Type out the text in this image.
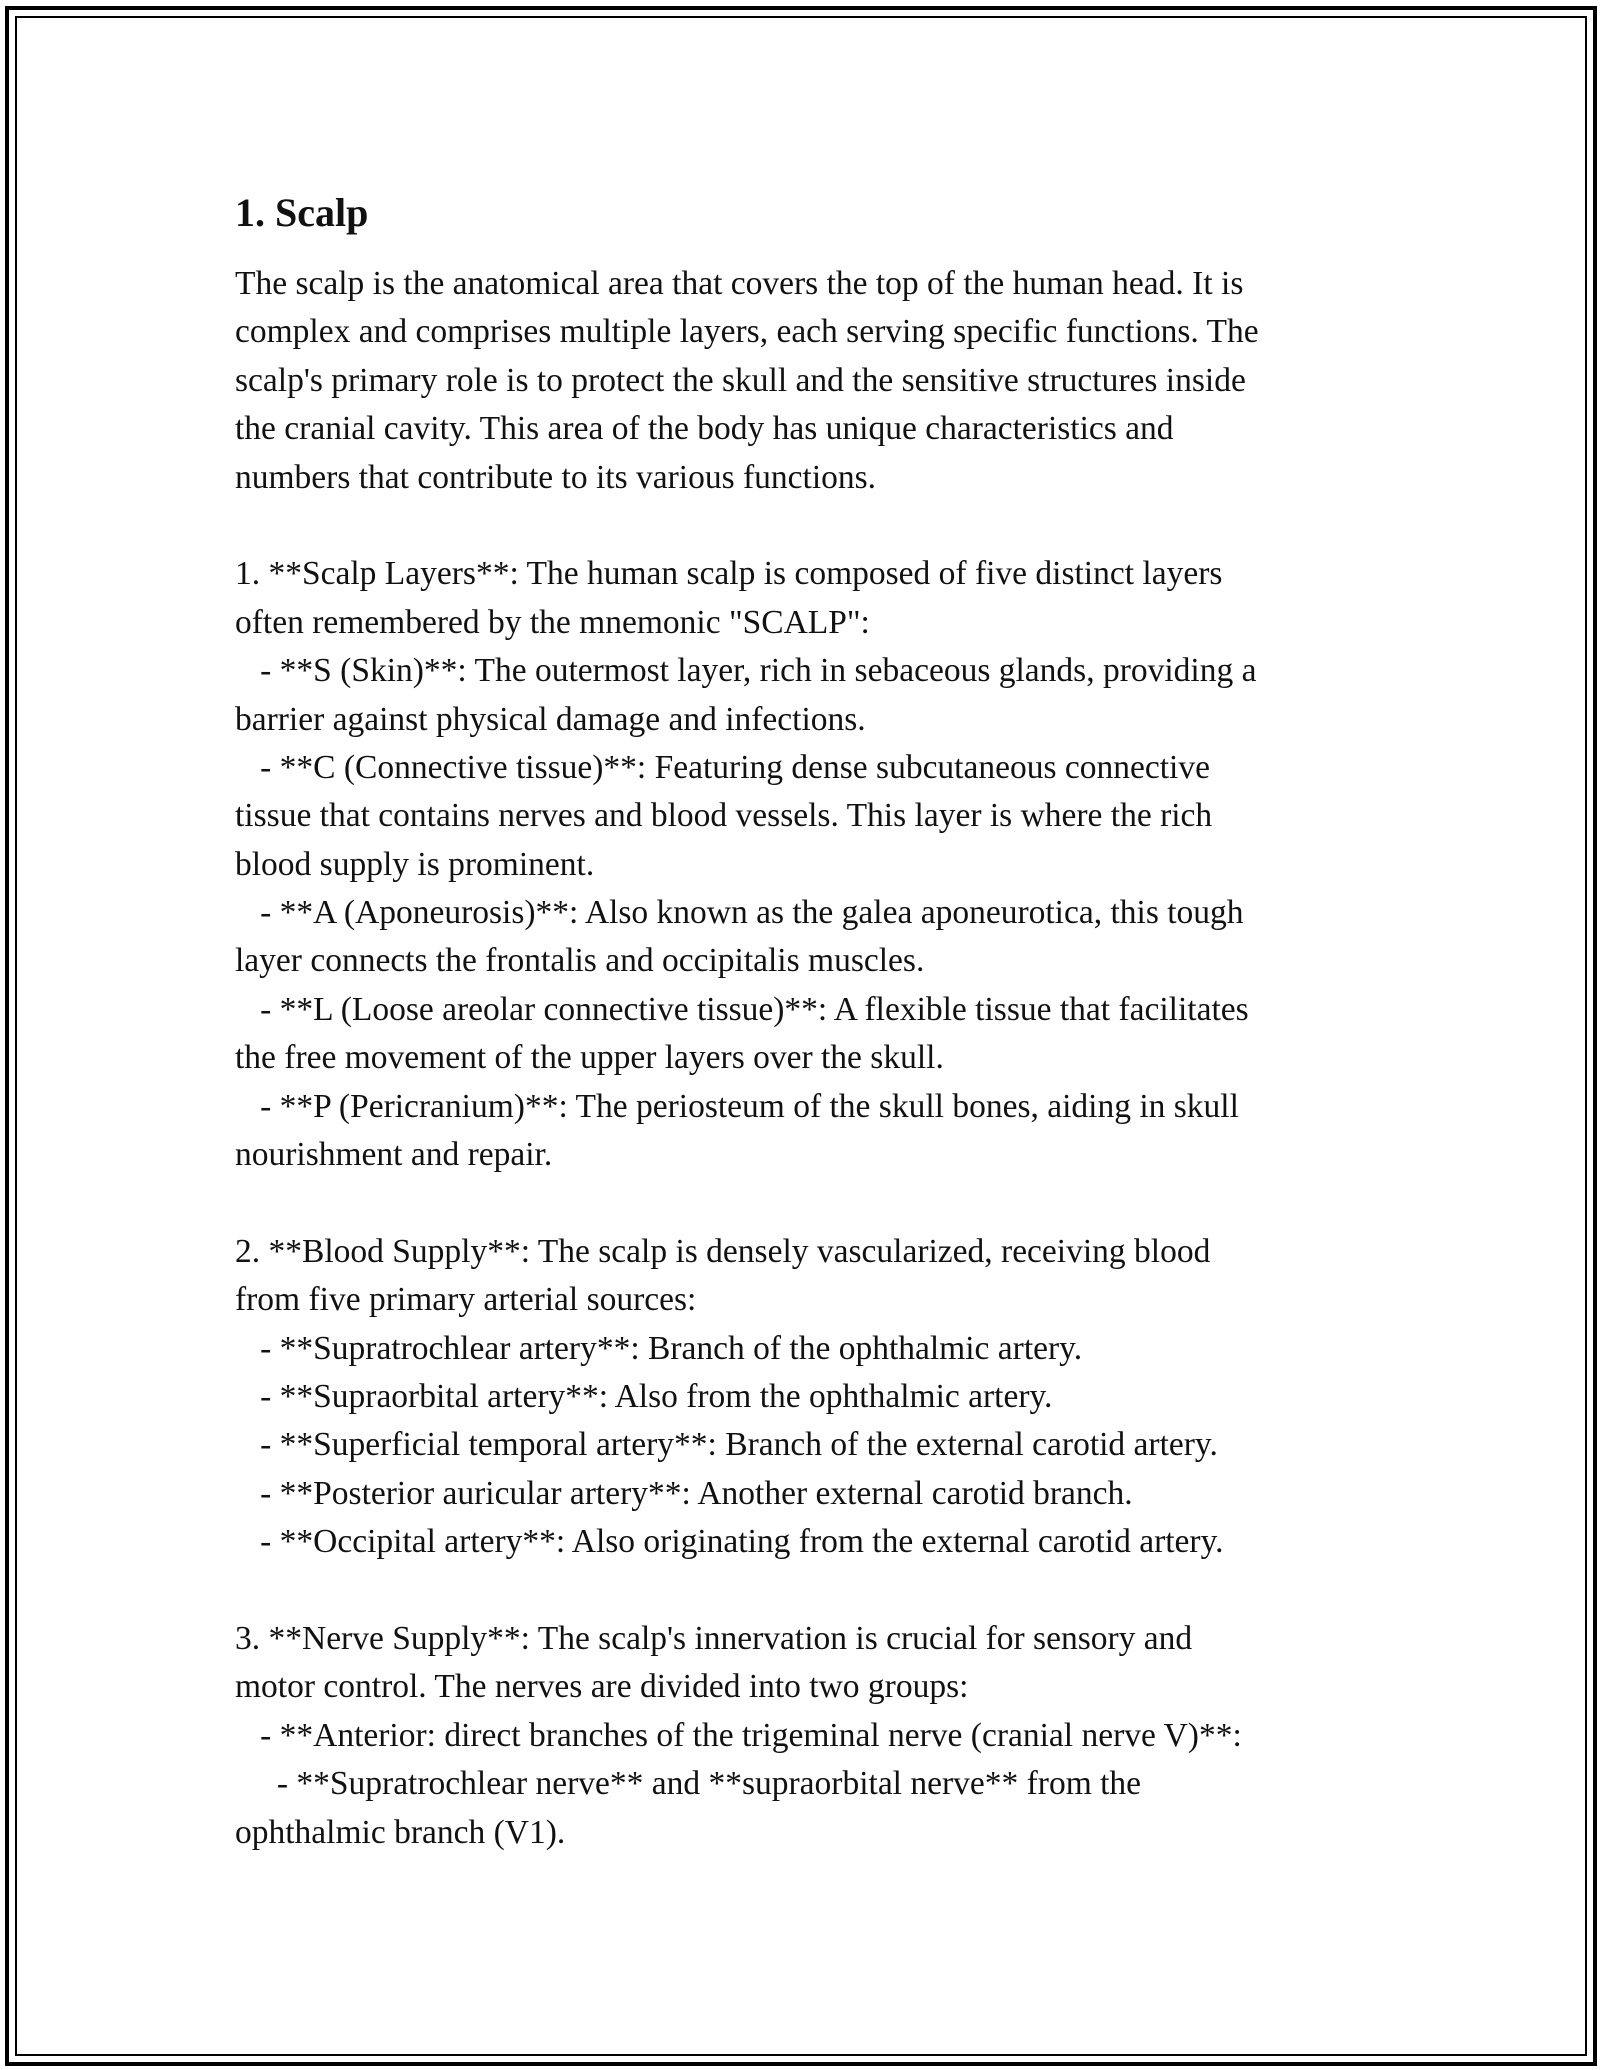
1. Scalp
The scalp is the anatomical area that covers the top of the human head. It is
complex and comprises multiple layers, each serving specific functions. The
scalp's primary role is to protect the skull and the sensitive structures inside
the cranial cavity. This area of the body has unique characteristics and
numbers that contribute to its various functions.
1. **Scalp Layers**: The human scalp is composed of five distinct layers
often remembered by the mnemonic "SCALP":
- **S (Skin)**: The outermost layer, rich in sebaceous glands, providing a
barrier against physical damage and infections.
- **C (Connective tissue)**: Featuring dense subcutaneous connective
tissue that contains nerves and blood vessels. This layer is where the rich
blood supply is prominent.
- **A (Aponeurosis)**: Also known as the galea aponeurotica, this tough
layer connects the frontalis and occipitalis muscles.
- **L (Loose areolar connective tissue)**: A flexible tissue that facilitates
the free movement of the upper layers over the skull.
- **P (Pericranium)**: The periosteum of the skull bones, aiding in skull
nourishment and repair.
2. **Blood Supply**: The scalp is densely vascularized, receiving blood
from five primary arterial sources:
- **Supratrochlear artery**: Branch of the ophthalmic artery.
- **Supraorbital artery**: Also from the ophthalmic artery.
- **Superficial temporal artery**: Branch of the external carotid artery.
- **Posterior auricular artery**: Another external carotid branch.
- **Occipital artery**: Also originating from the external carotid artery.
3. **Nerve Supply**: The scalp's innervation is crucial for sensory and
motor control. The nerves are divided into two groups:
- **Anterior: direct branches of the trigeminal nerve (cranial nerve V)**:
- **Supratrochlear nerve** and **supraorbital nerve** from the
ophthalmic branch (V1).
